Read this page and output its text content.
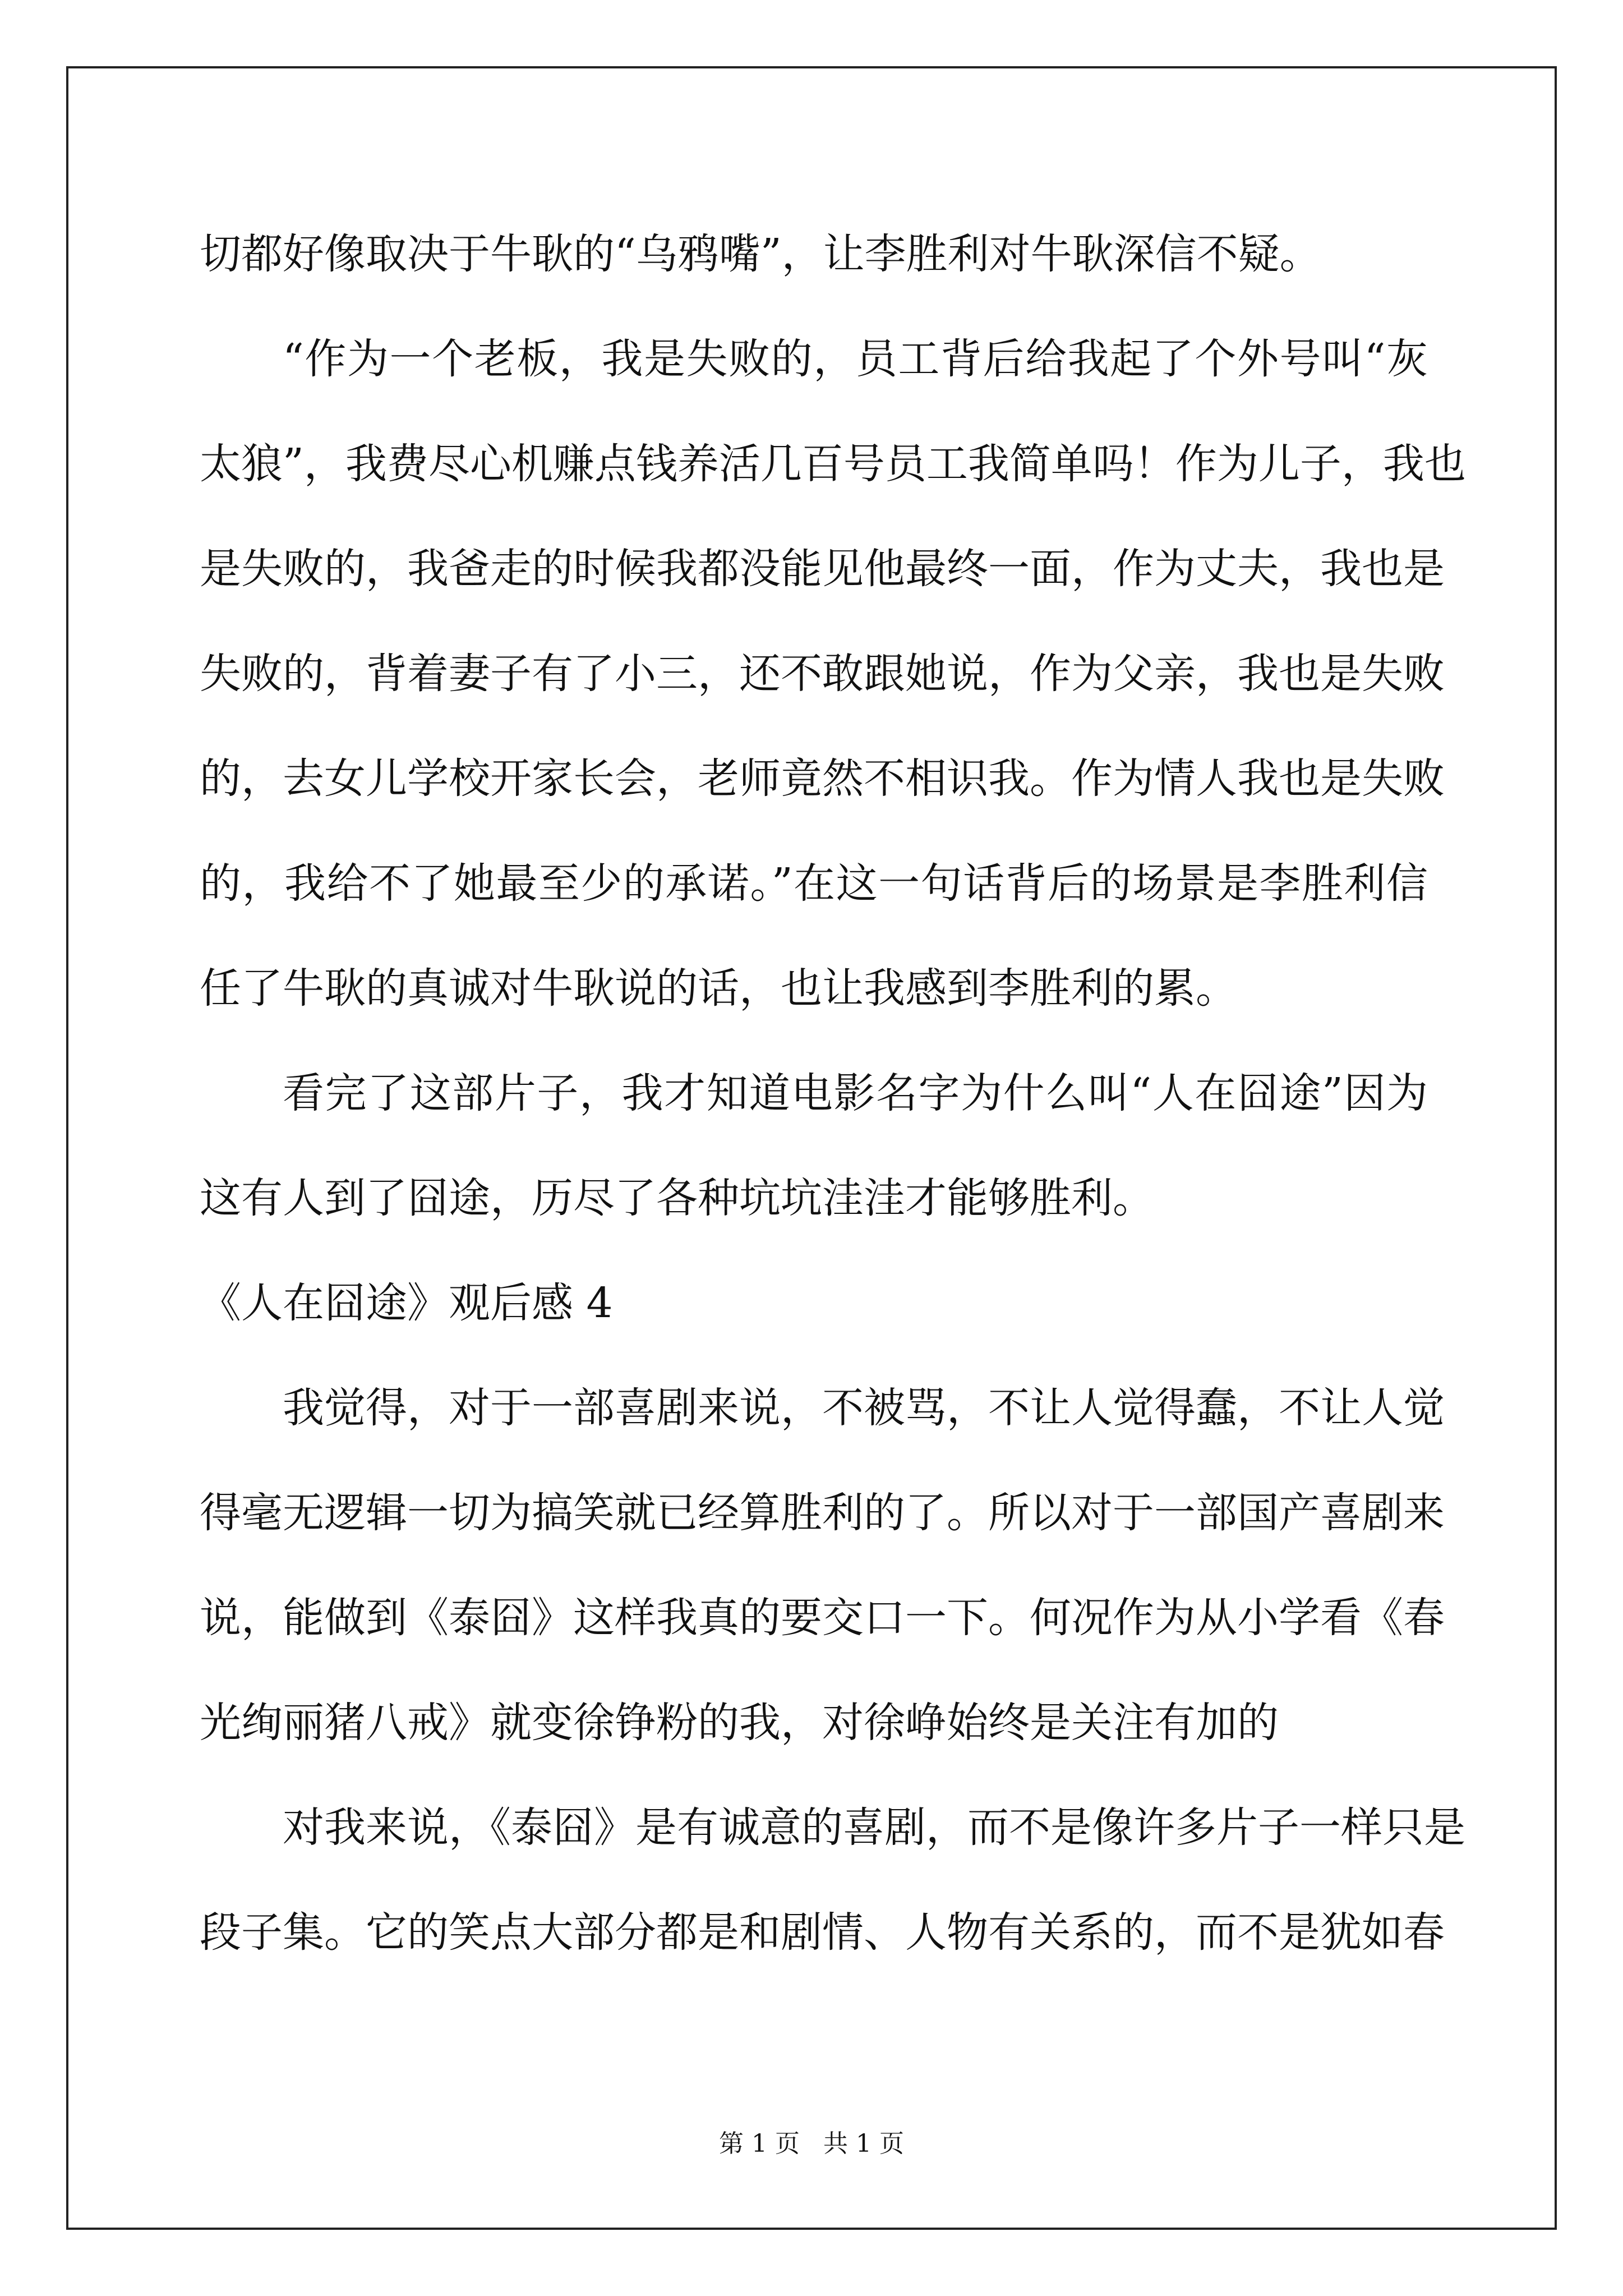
切都好像取决于牛耿的“乌鸦嘴”，让李胜利对牛耿深信不疑。
“作为一个老板，我是失败的，员工背后给我起了个外号叫“灰
太狼”，我费尽心机赚点钱养活几百号员工我简单吗！作为儿子，我也
是失败的，我爸走的时候我都没能见他最终一面，作为丈夫，我也是
失败的，背着妻子有了小三，还不敢跟她说，作为父亲，我也是失败
的，去女儿学校开家长会，老师竟然不相识我。作为情人我也是失败
的，我给不了她最至少的承诺。”在这一句话背后的场景是李胜利信
任了牛耿的真诚对牛耿说的话，也让我感到李胜利的累。
看完了这部片子，我才知道电影名字为什么叫“人在囧途”因为
这有人到了囧途，历尽了各种坑坑洼洼才能够胜利。
《人在囧途》观后感 4
我觉得，对于一部喜剧来说，不被骂，不让人觉得蠢，不让人觉
得毫无逻辑一切为搞笑就已经算胜利的了。所以对于一部国产喜剧来
说，能做到《泰囧》这样我真的要交口一下。何况作为从小学看《春
光绚丽猪八戒》就变徐铮粉的我，对徐峥始终是关注有加的
对我来说，《泰囧》是有诚意的喜剧，而不是像许多片子一样只是
段子集。它的笑点大部分都是和剧情、人物有关系的，而不是犹如春
第 1 页   共 1 页
